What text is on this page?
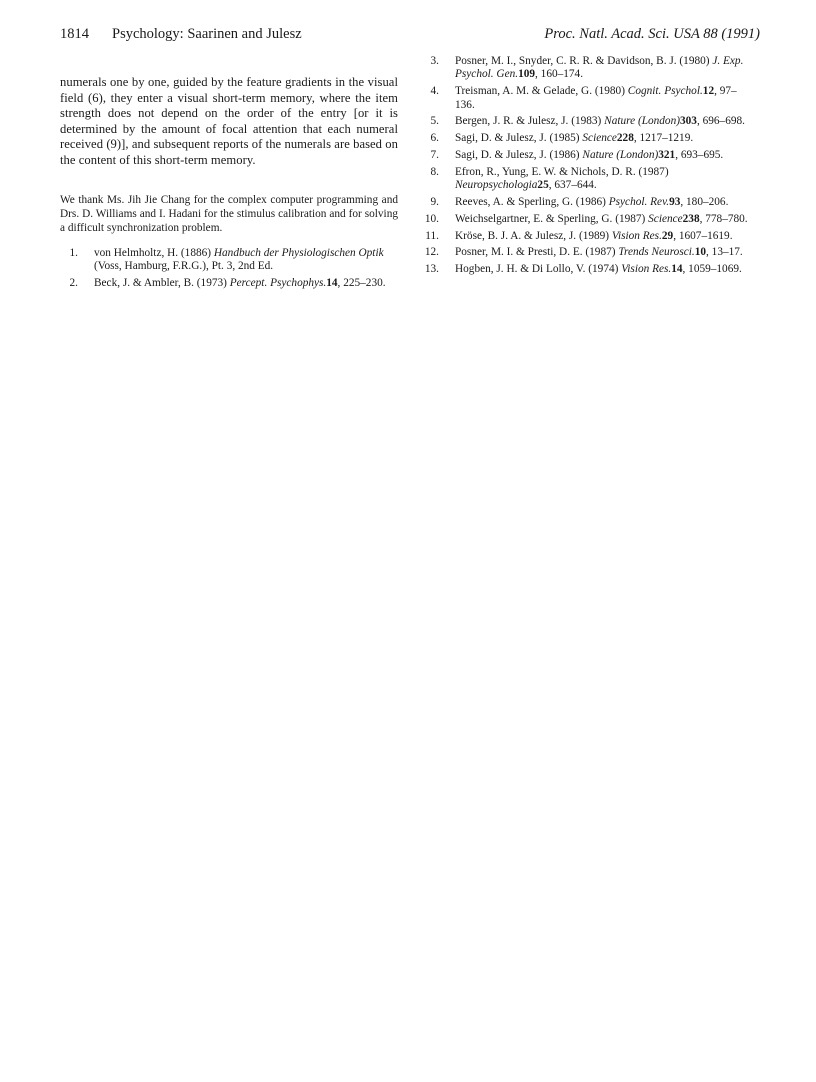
1814 Psychology: Saarinen and Julesz	Proc. Natl. Acad. Sci. USA 88 (1991)

numerals one by one, guided by the feature gradients in the visual field (6), they enter a visual short-term memory, where the item strength does not depend on the order of the entry [or it is determined by the amount of focal attention that each numeral received (9)], and subsequent reports of the numerals are based on the content of this short-term memory.

We thank Ms. Jih Jie Chang for the complex computer programming and Drs. D. Williams and I. Hadani for the stimulus calibration and for solving a difficult synchronization problem.

1. von Helmholtz, H. (1886) Handbuch der Physiologischen Optik (Voss, Hamburg, F.R.G.), Pt. 3, 2nd Ed.
2. Beck, J. & Ambler, B. (1973) Percept. Psychophys.14, 225–230.
3. Posner, M. I., Snyder, C. R. R. & Davidson, B. J. (1980) J. Exp. Psychol. Gen.109, 160–174.
4. Treisman, A. M. & Gelade, G. (1980) Cognit. Psychol.12, 97–136.
5. Bergen, J. R. & Julesz, J. (1983) Nature (London)303, 696–698.
6. Sagi, D. & Julesz, J. (1985) Science228, 1217–1219.
7. Sagi, D. & Julesz, J. (1986) Nature (London)321, 693–695.
8. Efron, R., Yung, E. W. & Nichols, D. R. (1987) Neuropsychologia25, 637–644.
9. Reeves, A. & Sperling, G. (1986) Psychol. Rev.93, 180–206.
10. Weichselgartner, E. & Sperling, G. (1987) Science238, 778–780.
11. Kröse, B. J. A. & Julesz, J. (1989) Vision Res.29, 1607–1619.
12. Posner, M. I. & Presti, D. E. (1987) Trends Neurosci.10, 13–17.
13. Hogben, J. H. & Di Lollo, V. (1974) Vision Res.14, 1059–1069.
